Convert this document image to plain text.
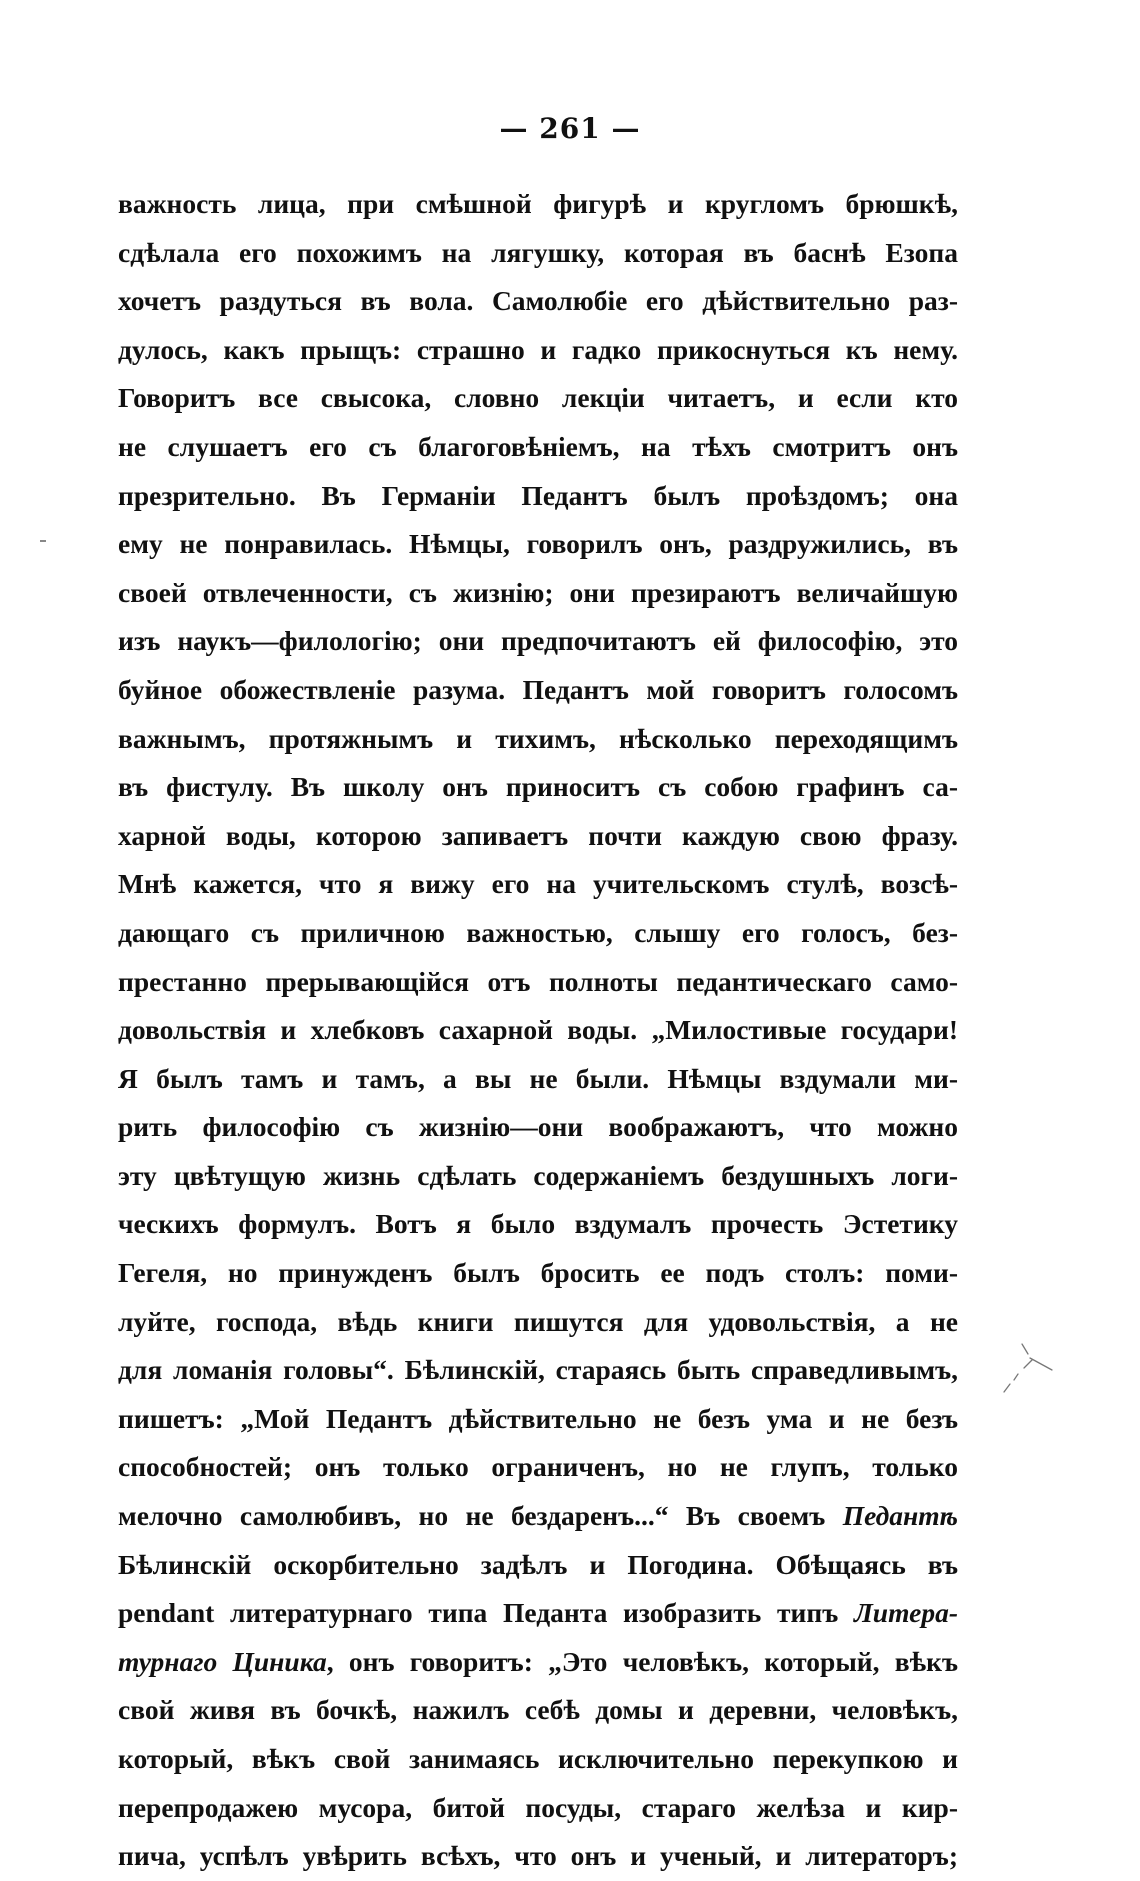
— 261 —
важность лица, при смѣшной фигурѣ и кругломъ брюшкѣ,
сдѣлала его похожимъ на лягушку, которая въ баснѣ Езопа
хочетъ раздуться въ вола. Самолюбіе его дѣйствительно раз-
дулось, какъ прыщъ: страшно и гадко прикоснуться къ нему.
Говоритъ все свысока, словно лекціи читаетъ, и если кто
не слушаетъ его съ благоговѣніемъ, на тѣхъ смотритъ онъ
презрительно. Въ Германіи Педантъ былъ проѣздомъ; она
ему не понравилась. Нѣмцы, говорилъ онъ, раздружились, въ
своей отвлеченности, съ жизнію; они презираютъ величайшую
изъ наукъ—филологію; они предпочитаютъ ей философію, это
буйное обожествленіе разума. Педантъ мой говоритъ голосомъ
важнымъ, протяжнымъ и тихимъ, нѣсколько переходящимъ
въ фистулу. Въ школу онъ приноситъ съ собою графинъ са-
харной воды, которою запиваетъ почти каждую свою фразу.
Мнѣ кажется, что я вижу его на учительскомъ стулѣ, возсѣ-
дающаго съ приличною важностью, слышу его голосъ, без-
престанно прерывающійся отъ полноты педантическаго само-
довольствія и хлебковъ сахарной воды. „Милостивые государи!
Я былъ тамъ и тамъ, а вы не были. Нѣмцы вздумали ми-
рить философію съ жизнію—они воображаютъ, что можно
эту цвѣтущую жизнь сдѣлать содержаніемъ бездушныхъ логи-
ческихъ формулъ. Вотъ я было вздумалъ прочесть Эстетику
Гегеля, но принужденъ былъ бросить ее подъ столъ: поми-
луйте, господа, вѣдь книги пишутся для удовольствія, а не
для ломанія головы“. Бѣлинскій, стараясь быть справедливымъ,
пишетъ: „Мой Педантъ дѣйствительно не безъ ума и не безъ
способностей; онъ только ограниченъ, но не глупъ, только
мелочно самолюбивъ, но не бездаренъ...“ Въ своемъ Педантѣ
Бѣлинскій оскорбительно задѣлъ и Погодина. Обѣщаясь въ
pendant литературнаго типа Педанта изобразить типъ Литера-
турнаго Циника, онъ говоритъ: „Это человѣкъ, который, вѣкъ
свой живя въ бочкѣ, нажилъ себѣ домы и деревни, человѣкъ,
который, вѣкъ свой занимаясь исключительно перекупкою и
перепродажею мусора, битой посуды, стараго желѣза и кир-
пича, успѣлъ увѣрить всѣхъ, что онъ и ученый, и литераторъ;
